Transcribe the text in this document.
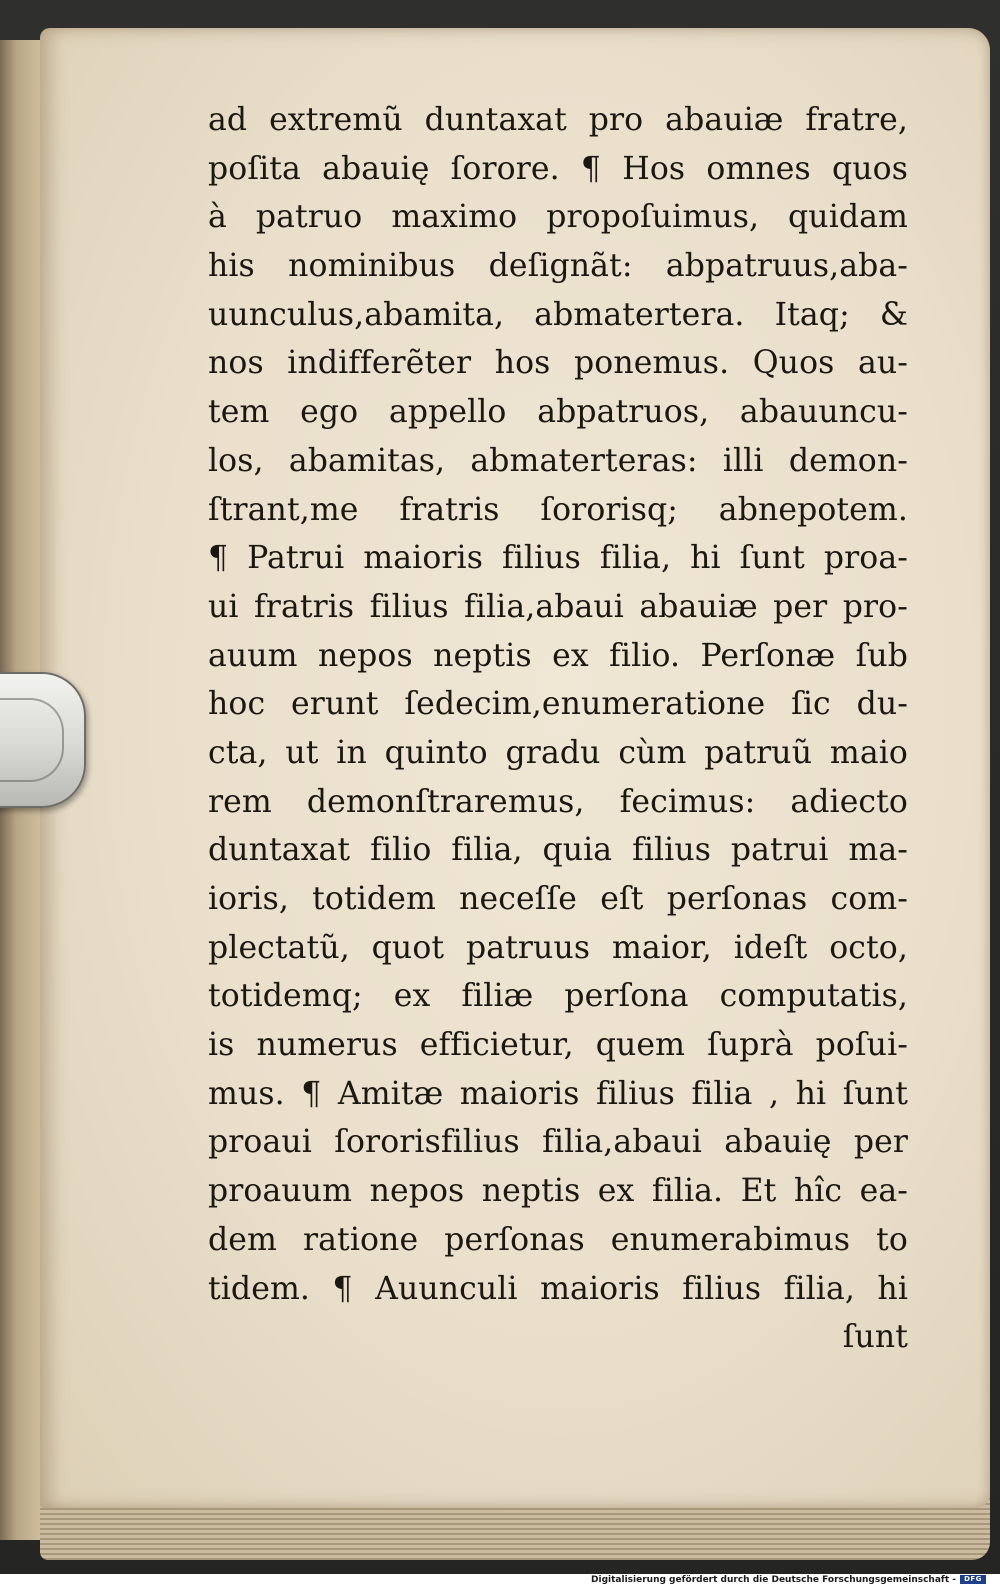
ad extremũ duntaxat pro abauiæ fratre,
poſita abauię ſorore. ¶ Hos omnes quos
à patruo maximo propoſuimus, quidam
his nominibus deſignãt: abpatruus,aba-
uunculus,abamita, abmatertera. Itaq; &
nos indifferẽter hos ponemus. Quos au-
tem ego appello abpatruos, abauuncu-
los, abamitas, abmaterteras: illi demon-
ſtrant,me fratris ſororisq; abnepotem.
¶ Patrui maioris filius filia, hi ſunt proa-
ui fratris filius filia,abaui abauiæ per pro-
auum nepos neptis ex filio. Perſonæ ſub
hoc erunt ſedecim,enumeratione ſic du-
cta, ut in quinto gradu cùm patruũ maio
rem demonſtraremus, fecimus: adiecto
duntaxat filio filia, quia filius patrui ma-
ioris, totidem neceſſe eſt perſonas com-
plectatũ, quot patruus maior, ideſt octo,
totidemq; ex filiæ perſona computatis,
is numerus efficietur, quem ſuprà poſui-
mus. ¶ Amitæ maioris filius filia , hi ſunt
proaui ſororisfilius filia,abaui abauię per
proauum nepos neptis ex filia. Et hîc ea-
dem ratione perſonas enumerabimus to
tidem. ¶ Auunculi maioris filius filia, hi
ſunt
Digitalisierung gefördert durch die Deutsche Forschungsgemeinschaft -	DFG
